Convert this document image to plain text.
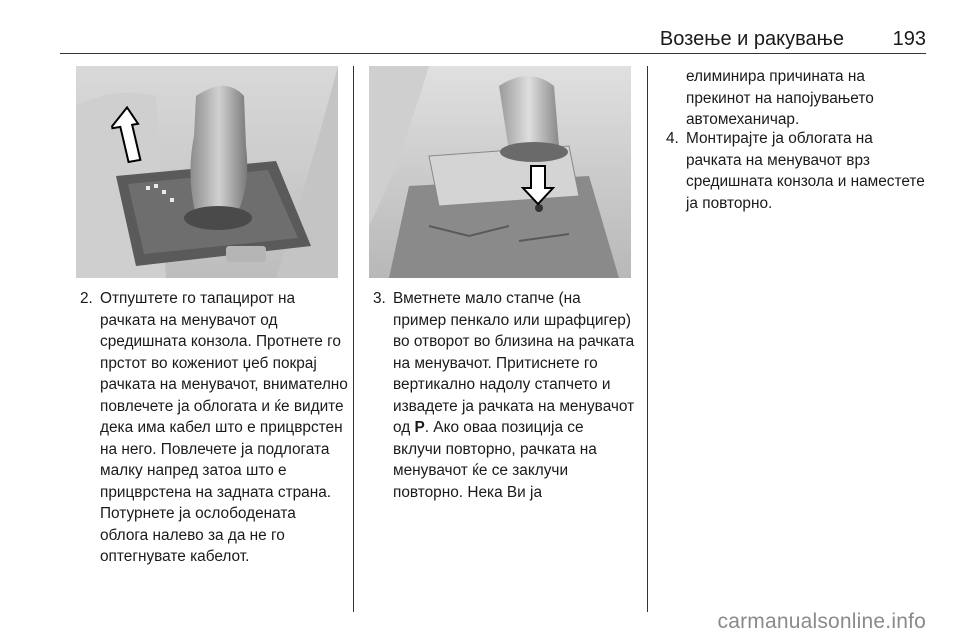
Возење и ракување 193
2. Отпуштете го тапацирот на рачката на менувачот од средишната конзола. Протнете го прстот во кожениот џеб покрај рачката на менувачот, внимателно повлечете ја облогата и ќе видите дека има кабел што е прицврстен на него. Повлечете ја подлогата малку напред затоа што е прицврстена на задната страна. Потурнете ја ослободената облога налево за да не го оптегнувате кабелот.
3. Вметнете мало стапче (на пример пенкало или шрафцигер) во отворот во близина на рачката на менувачот. Притиснете го вертикално надолу стапчето и извадете ја рачката на менувачот од P. Ако оваа позиција се вклучи повторно, рачката на менувачот ќе се заклучи повторно. Нека Ви ја
елиминира причината на прекинот на напојувањето автомеханичар.
4. Монтирајте ја облогата на рачката на менувачот врз средишната конзола и наместете ја повторно.
carmanualsonline.info
